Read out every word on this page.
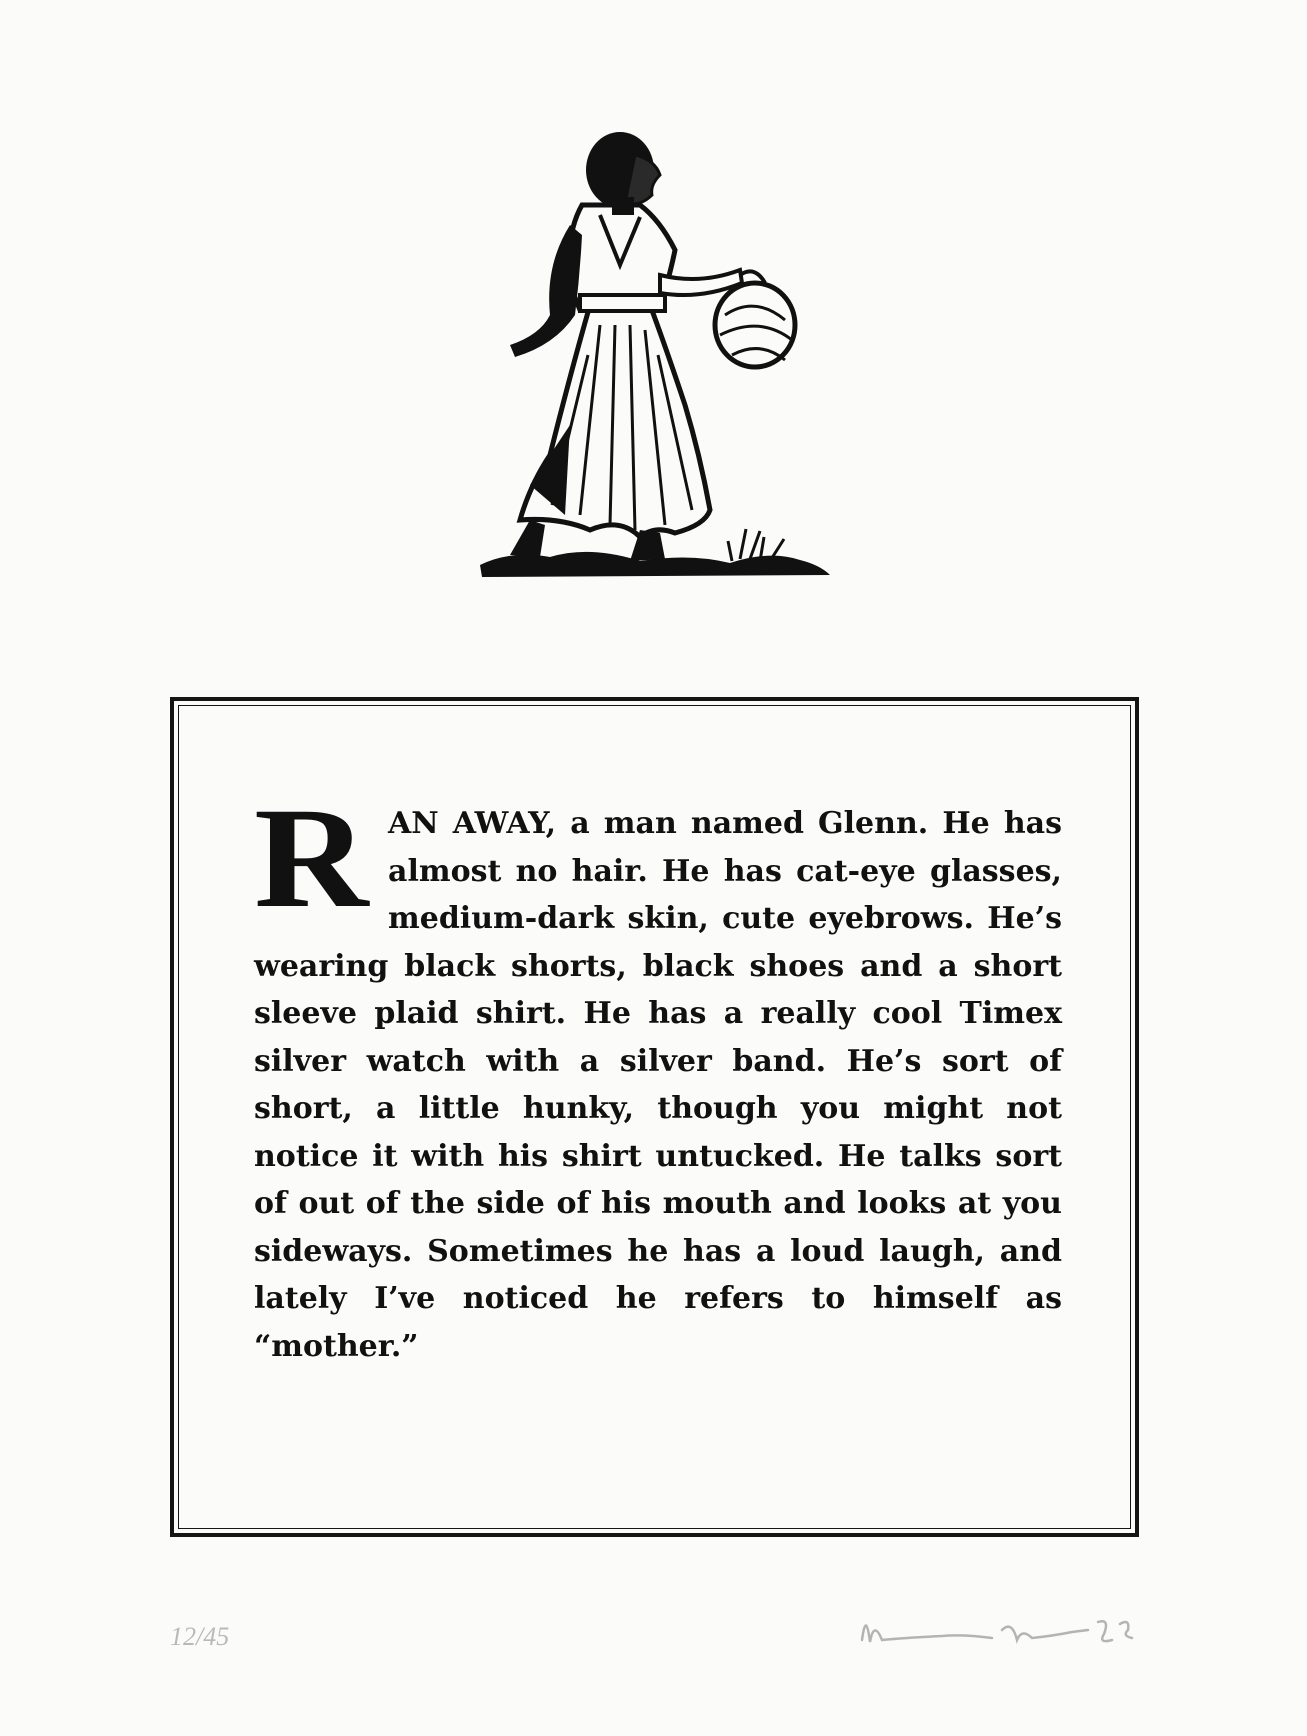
RAN AWAY, a man named Glenn. He has almost no hair. He has cat-eye glasses, medium-dark skin, cute eyebrows. He’s wearing black shorts, black shoes and a short sleeve plaid shirt. He has a really cool Timex silver watch with a silver band. He’s sort of short, a little hunky, though you might not notice it with his shirt untucked. He talks sort of out of the side of his mouth and looks at you sideways. Sometimes he has a loud laugh, and lately I’ve noticed he refers to himself as “mother.”
12/45
